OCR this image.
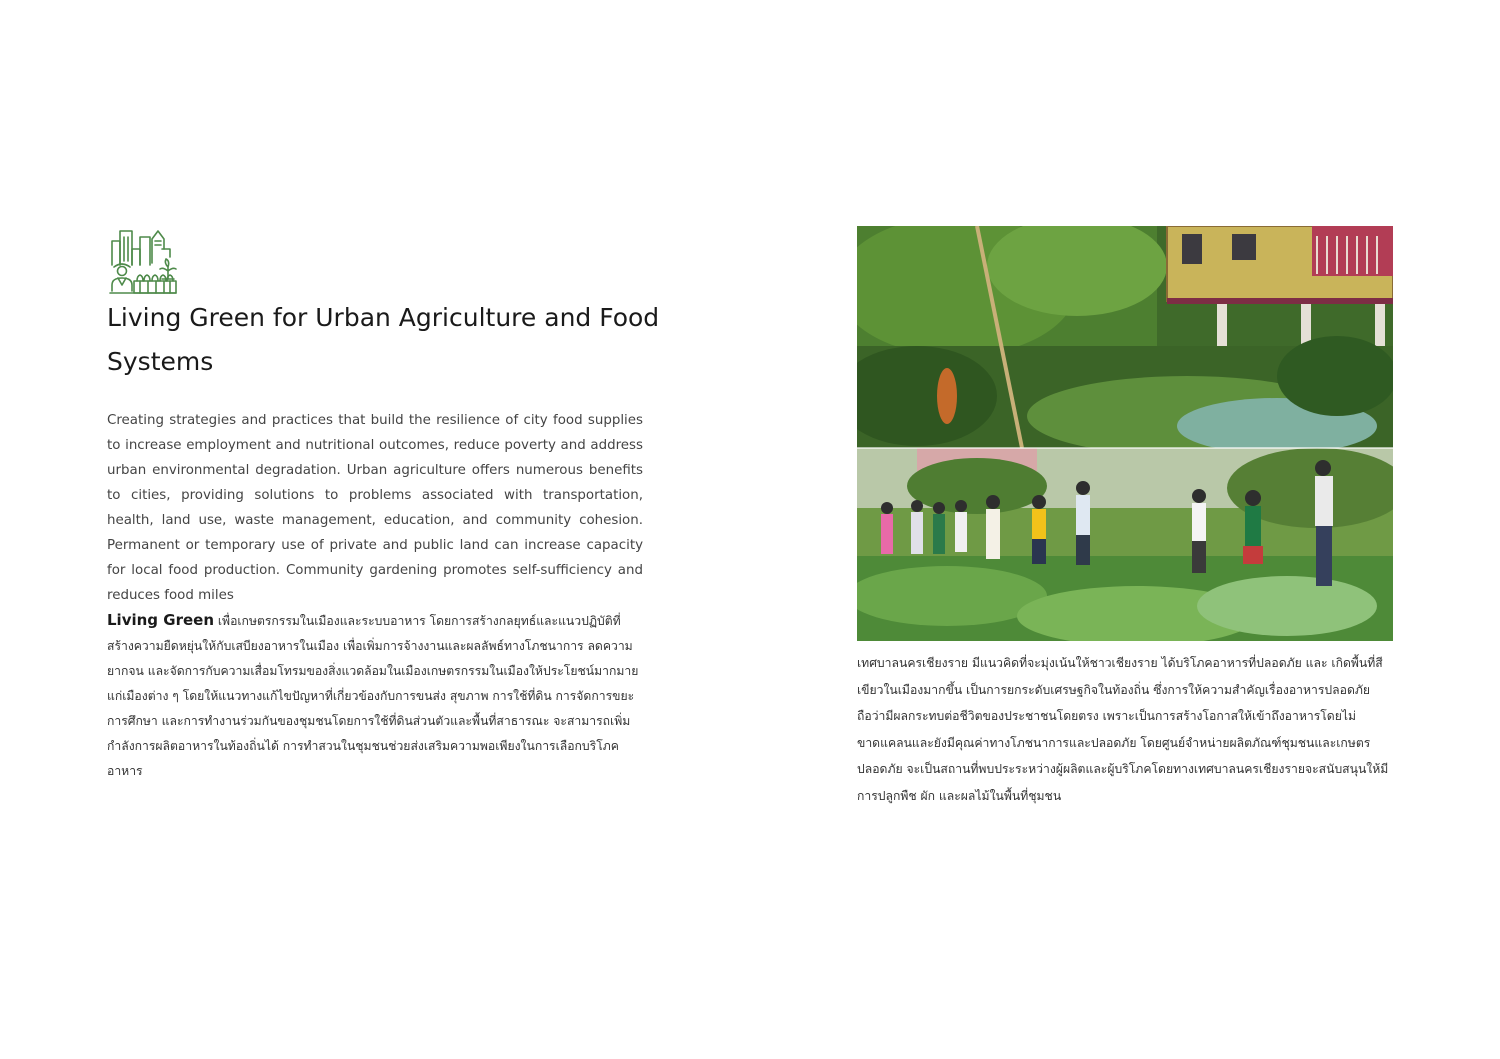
Living Green for Urban Agriculture and Food Systems

Creating strategies and practices that build the resilience of city food supplies to increase employment and nutritional outcomes, reduce poverty and address urban environmental degradation. Urban agriculture offers numerous benefits to cities, providing solutions to problems associated with transportation, health, land use, waste management, education, and community cohesion. Permanent or temporary use of private and public land can increase capacity for local food production. Community gardening promotes self-sufficiency and reduces food miles

Living Green เพื่อเกษตรกรรมในเมืองและระบบอาหาร โดยการสร้างกลยุทธ์และแนวปฏิบัติที่สร้างความยืดหยุ่นให้กับเสบียงอาหารในเมือง เพื่อเพิ่มการจ้างงานและผลลัพธ์ทางโภชนาการ ลดความยากจน และจัดการกับความเสื่อมโทรมของสิ่งแวดล้อมในเมืองเกษตรกรรมในเมืองให้ประโยชน์มากมายแก่เมืองต่าง ๆ โดยให้แนวทางแก้ไขปัญหาที่เกี่ยวข้องกับการขนส่ง สุขภาพ การใช้ที่ดิน การจัดการขยะ การศึกษา และการทำงานร่วมกันของชุมชนโดยการใช้ที่ดินส่วนตัวและพื้นที่สาธารณะ จะสามารถเพิ่มกำลังการผลิตอาหารในท้องถิ่นได้ การทำสวนในชุมชนช่วยส่งเสริมความพอเพียงในการเลือกบริโภคอาหาร

เทศบาลนครเชียงราย มีแนวคิดที่จะมุ่งเน้นให้ชาวเชียงราย ได้บริโภคอาหารที่ปลอดภัย และ เกิดพื้นที่สีเขียวในเมืองมากขึ้น เป็นการยกระดับเศรษฐกิจในท้องถิ่น ซึ่งการให้ความสำคัญเรื่องอาหารปลอดภัยถือว่ามีผลกระทบต่อชีวิตของประชาชนโดยตรง เพราะเป็นการสร้างโอกาสให้เข้าถึงอาหารโดยไม่ขาดแคลนและยังมีคุณค่าทางโภชนาการและปลอดภัย โดยศูนย์จำหน่ายผลิตภัณฑ์ชุมชนและเกษตรปลอดภัย จะเป็นสถานที่พบประระหว่างผู้ผลิตและผู้บริโภคโดยทางเทศบาลนครเชียงรายจะสนับสนุนให้มีการปลูกพืช ผัก และผลไม้ในพื้นที่ชุมชน
